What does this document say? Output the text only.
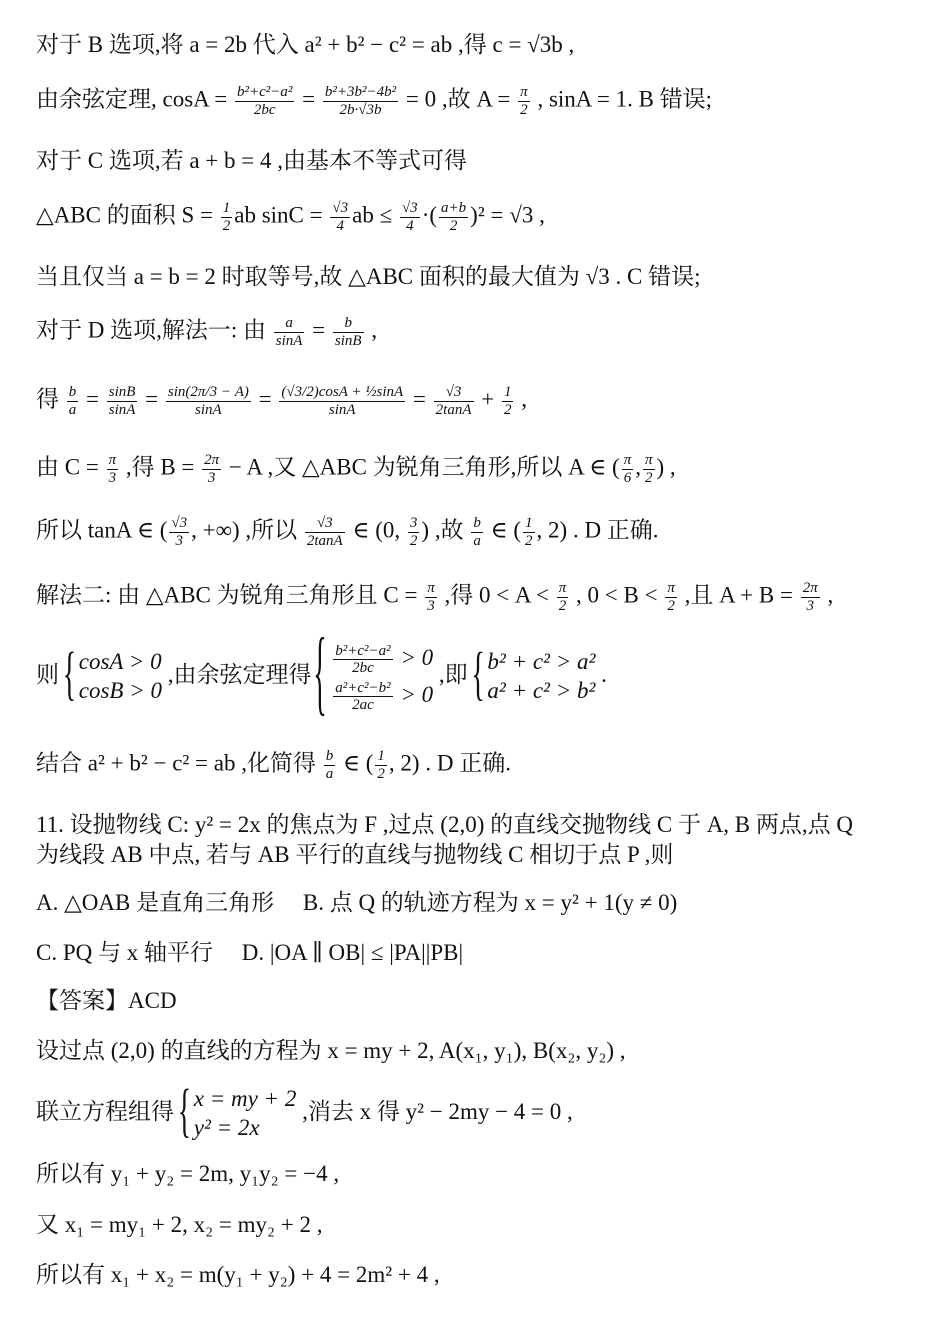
对于 B 选项,将 a = 2b 代入 a² + b² − c² = ab ,得 c = √3b ,
由余弦定理, $\cos A = \frac{\text{b²+c²−a²}}{2bc} = \frac{\text{b²+3b²−4b²}}{2b\cdot√3b} = 0$ ,故 $A = \frac{\pi}{2}$ , sinA = 1. B 错误;
对于 C 选项,若 a + b = 4 ,由基本不等式可得
△ABC 的面积 $S = \frac{1}{2}$ ab $\sin C = \frac{√3}{4}$ ab ≤ $\frac{√3}{4}$ ·( $\frac{a+b}{2} )^2 = √3$ ,
当且仅当 a = b = 2 时取等号,故 △ABC 面积的最大值为 √3 . C 错误;
对于 D 选项,解法一: 由 $\frac{a}{\sin A} = \frac{b}{\sin B}$ ,
得 $\frac{b}{a} = \frac{\sin B}{\sin A} = \frac{\sin(2\pi/3 - A)}{\sin A} = \frac{\text{(√3/2)cosA + ½sinA}}{\sin A} = \frac{√3}{2\tan A} + \frac{1}{2}$ ,
由 $C = \frac{\pi}{3}$ ,得 $B = \frac{2\pi}{3} - A$ ,又 △ABC 为锐角三角形,所以 A ∈ ( $\frac{\pi}{6}$ , $\frac{\pi}{2}$ ) ,
所以 tanA ∈ ( $\frac{√3}{3}$ , +∞) ,所以 $\frac{√3}{2\tan A}$ ∈ (0, $\frac{3}{2}$ ) ,故 $\frac{b}{a}$ ∈ ( $\frac{1}{2}$ , 2) . D 正确.
解法二: 由 △ABC 为锐角三角形且 $C = \frac{\pi}{3}$ ,得 $0 < A < \frac{\pi}{2}$ , $0 < B < \frac{\pi}{2}$ ,且 $A + B = \frac{2\pi}{3}$ ,
则
{ cosA > 0
cosB > 0
,由余弦定理得
{ $\frac{\text{b²+c²−a²}}{2bc} > 0$
$\frac{\text{a²+c²−b²}}{2ac} > 0$
,即
{ b² + c² > a²
a² + c² > b²
.
结合 a² + b² − c² = ab ,化简得 $\frac{b}{a}$ ∈ ( $\frac{1}{2}$ , 2) . D 正确.
11. 设抛物线 C: y² = 2x 的焦点为 F ,过点 (2,0) 的直线交抛物线 C 于 A, B 两点,点 Q
为线段 AB 中点, 若与 AB 平行的直线与抛物线 C 相切于点 P ,则
A. △OAB 是直角三角形　 B. 点 Q 的轨迹方程为 x = y² + 1(y ≠ 0)
C. PQ 与 x 轴平行　 D. |OA ∥ OB| ≤ |PA||PB|
【答案】ACD
设过点 (2,0) 的直线的方程为 x = my + 2, A(x₁, y₁), B(x₂, y₂) ,
联立方程组得
{ x = my + 2
y² = 2x
,消去 x 得 y² − 2my − 4 = 0 ,
所以有 y₁ + y₂ = 2m, y₁y₂ = −4 ,
又 x₁ = my₁ + 2, x₂ = my₂ + 2 ,
所以有 x₁ + x₂ = m(y₁ + y₂) + 4 = 2m² + 4 ,
